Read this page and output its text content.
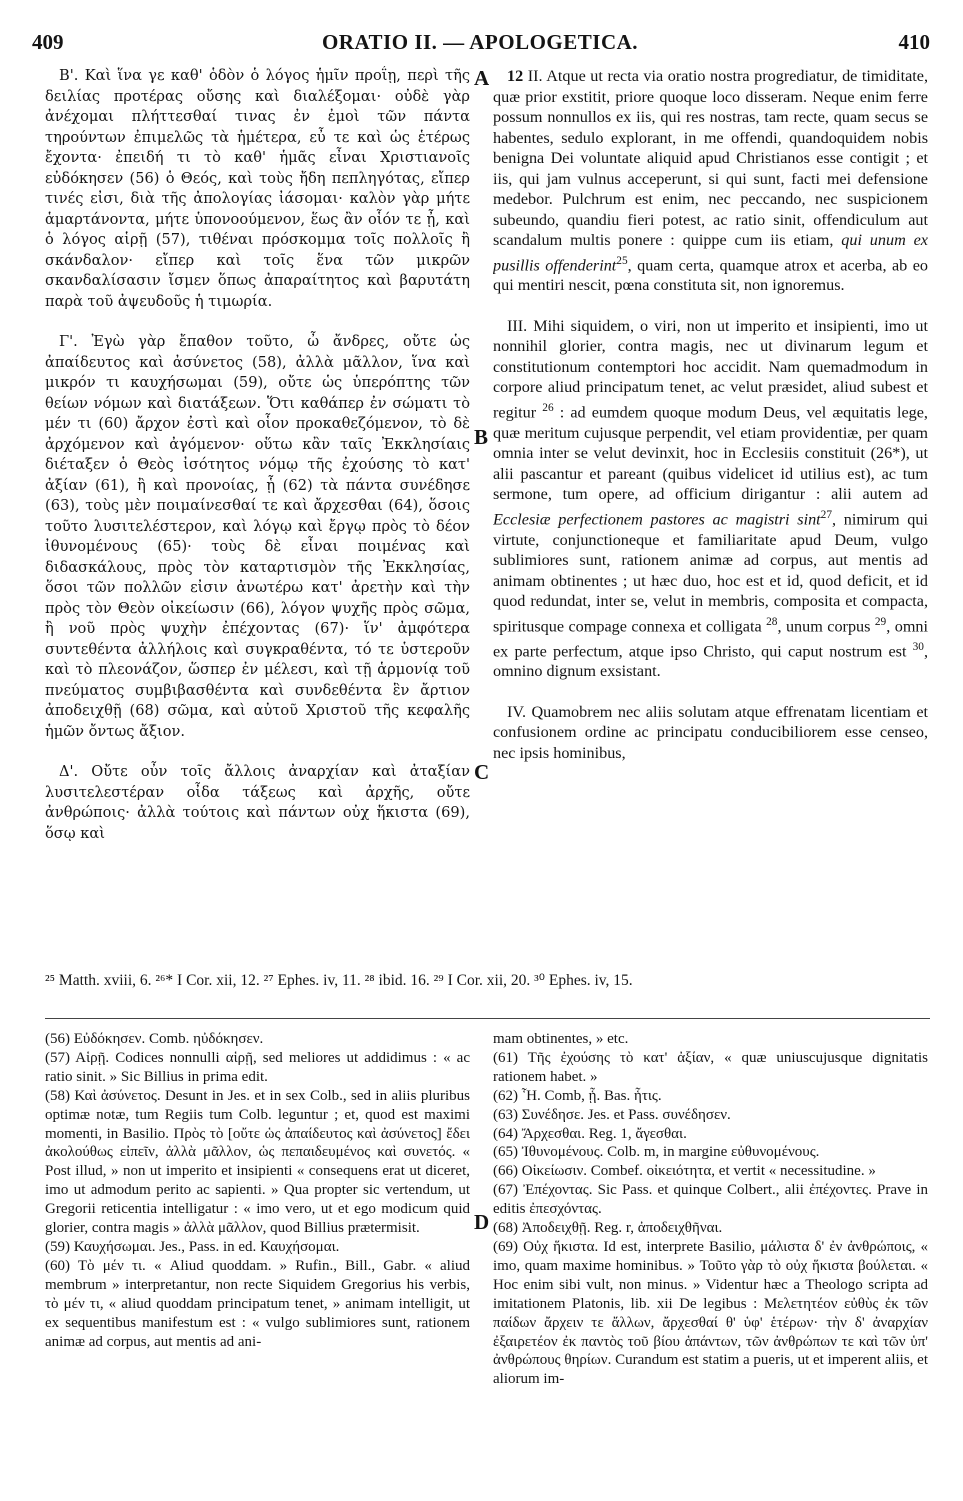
409	ORATIO II. — APOLOGETICA.	410
A
B
C
D

Β'. Καὶ ἵνα γε καθ' ὁδὸν ὁ λόγος ἡμῖν προΐῃ, περὶ τῆς δειλίας προτέρας οὔσης καὶ διαλέξομαι· οὐδὲ γὰρ ἀνέχομαι πλήττεσθαί τινας ἐν ἐμοὶ τῶν πάντα τηρούντων ἐπιμελῶς τὰ ἡμέτερα, εὖ τε καὶ ὡς ἑτέρως ἔχοντα· ἐπειδή τι τὸ καθ' ἡμᾶς εἶναι Χριστιανοῖς εὐδόκησεν (56) ὁ Θεός, καὶ τοὺς ἤδη πεπληγότας, εἴπερ τινές εἰσι, διὰ τῆς ἀπολογίας ἰάσομαι· καλὸν γὰρ μήτε ἁμαρτάνοντα, μήτε ὑπονοούμενον, ἕως ἂν οἷόν τε ᾖ, καὶ ὁ λόγος αἱρῇ (57), τιθέναι πρόσκομμα τοῖς πολλοῖς ἢ σκάνδαλον· εἴπερ καὶ τοῖς ἕνα τῶν μικρῶν σκανδαλίσασιν ἴσμεν ὅπως ἀπαραίτητος καὶ βαρυτάτη παρὰ τοῦ ἀψευδοῦς ἡ τιμωρία.

Γ'. Ἐγὼ γὰρ ἔπαθον τοῦτο, ὦ ἄνδρες, οὔτε ὡς ἀπαίδευτος καὶ ἀσύνετος (58), ἀλλὰ μᾶλλον, ἵνα καὶ μικρόν τι καυχήσωμαι (59), οὔτε ὡς ὑπερόπτης τῶν θείων νόμων καὶ διατάξεων. Ὅτι καθάπερ ἐν σώματι τὸ μέν τι (60) ἄρχον ἐστὶ καὶ οἷον προκαθεζόμενον, τὸ δὲ ἀρχόμενον καὶ ἀγόμενον· οὕτω κἂν ταῖς Ἐκκλησίαις διέταξεν ὁ Θεὸς ἰσότητος νόμῳ τῆς ἐχούσης τὸ κατ' ἀξίαν (61), ἢ καὶ προνοίας, ᾗ (62) τὰ πάντα συνέδησε (63), τοὺς μὲν ποιμαίνεσθαί τε καὶ ἄρχεσθαι (64), ὅσοις τοῦτο λυσιτελέστερον, καὶ λόγῳ καὶ ἔργῳ πρὸς τὸ δέον ἰθυνομένους (65)· τοὺς δὲ εἶναι ποιμένας καὶ διδασκάλους, πρὸς τὸν καταρτισμὸν τῆς Ἐκκλησίας, ὅσοι τῶν πολλῶν εἰσιν ἀνωτέρω κατ' ἀρετὴν καὶ τὴν πρὸς τὸν Θεὸν οἰκείωσιν (66), λόγον ψυχῆς πρὸς σῶμα, ἢ νοῦ πρὸς ψυχὴν ἐπέχοντας (67)· ἵν' ἀμφότερα συντεθέντα ἀλλήλοις καὶ συγκραθέντα, τό τε ὑστεροῦν καὶ τὸ πλεονάζον, ὥσπερ ἐν μέλεσι, καὶ τῇ ἁρμονίᾳ τοῦ πνεύματος συμβιβασθέντα καὶ συνδεθέντα ἓν ἄρτιον ἀποδειχθῇ (68) σῶμα, καὶ αὐτοῦ Χριστοῦ τῆς κεφαλῆς ἡμῶν ὄντως ἄξιον.

Δ'. Οὔτε οὖν τοῖς ἄλλοις ἀναρχίαν καὶ ἀταξίαν λυσιτελεστέραν οἶδα τάξεως καὶ ἀρχῆς, οὔτε ἀνθρώποις· ἀλλὰ τούτοις καὶ πάντων οὐχ ἥκιστα (69), ὅσῳ καὶ

12 II. Atque ut recta via oratio nostra progrediatur, de timiditate, quæ prior exstitit, priore quoque loco disseram. Neque enim ferre possum nonnullos ex iis, qui res nostras, tam recte, quam secus se habentes, sedulo explorant, in me offendi, quandoquidem nobis benigna Dei voluntate aliquid apud Christianos esse contigit ; et iis, qui jam vulnus acceperunt, si qui sunt, facti mei defensione medebor. Pulchrum est enim, nec peccando, nec suspicionem subeundo, quandiu fieri potest, ac ratio sinit, offendiculum aut scandalum multis ponere : quippe cum iis etiam, qui unum ex pusillis offenderint$^{25}$, quam certa, quamque atrox et acerba, ab eo qui mentiri nescit, pœna constituta sit, non ignoremus.

III. Mihi siquidem, o viri, non ut imperito et insipienti, imo ut nonnihil glorier, contra magis, nec ut divinarum legum et constitutionum contemptori hoc accidit. Nam quemadmodum in corpore aliud principatum tenet, ac velut præsidet, aliud subest et regitur $^{26}$ : ad eumdem quoque modum Deus, vel æquitatis lege, quæ meritum cujusque perpendit, vel etiam providentiæ, per quam omnia inter se velut devinxit, hoc in Ecclesiis constituit (26*), ut alii pascantur et pareant (quibus videlicet id utilius est), ac tum sermone, tum opere, ad officium dirigantur : alii autem ad Ecclesiæ perfectionem pastores ac magistri sint$^{27}$, nimirum qui virtute, conjunctioneque et familiaritate apud Deum, vulgo sublimiores sunt, rationem animæ ad corpus, aut mentis ad animam obtinentes ; ut hæc duo, hoc est et id, quod deficit, et id quod redundat, inter se, velut in membris, composita et compacta, spiritusque compage connexa et colligata $^{28}$, unum corpus $^{29}$, omni ex parte perfectum, atque ipso Christo, qui caput nostrum est $^{30}$, omnino dignum exsistant.

IV. Quamobrem nec aliis solutam atque effrenatam licentiam et confusionem ordine ac principatu conducibiliorem esse censeo, nec ipsis hominibus,

²⁵ Matth. xviii, 6. ²⁶* I Cor. xii, 12. ²⁷ Ephes. iv, 11. ²⁸ ibid. 16. ²⁹ I Cor. xii, 20. ³⁰ Ephes. iv, 15.

(56) Εὐδόκησεν. Comb. ηὐδόκησεν.

(57) Αἱρῇ. Codices nonnulli αἱρῇ, sed meliores ut addidimus : « ac ratio sinit. » Sic Billius in prima edit.

(58) Καὶ ἀσύνετος. Desunt in Jes. et in sex Colb., sed in aliis pluribus optimæ notæ, tum Regiis tum Colb. leguntur ; et, quod est maximi momenti, in Basilio. Πρὸς τὸ [οὔτε ὡς ἀπαίδευτος καὶ ἀσύνετος] ἔδει ἀκολούθως εἰπεῖν, ἀλλὰ μᾶλλον, ὡς πεπαιδευμένος καὶ συνετός. « Post illud, » non ut imperito et insipienti « consequens erat ut diceret, imo ut admodum perito ac sapienti. » Qua propter sic vertendum, ut Gregorii reticentia intelligatur : « imo vero, ut et ego modicum quid glorier, contra magis » ἀλλὰ μᾶλλον, quod Billius prætermisit.

(59) Καυχήσωμαι. Jes., Pass. in ed. Καυχήσομαι.

(60) Τὸ μέν τι. « Aliud quoddam. » Rufin., Bill., Gabr. « aliud membrum » interpretantur, non recte Siquidem Gregorius his verbis, τὸ μέν τι, « aliud quoddam principatum tenet, » animam intelligit, ut ex sequentibus manifestum est : « vulgo sublimiores sunt, rationem animæ ad corpus, aut mentis ad ani-

mam obtinentes, » etc.

(61) Τῆς ἐχούσης τὸ κατ' ἀξίαν, « quæ uniuscujusque dignitatis rationem habet. »

(62) Ἧ. Comb, ᾗ. Bas. ἧτις.

(63) Συνέδησε. Jes. et Pass. συνέδησεν.

(64) Ἄρχεσθαι. Reg. 1, ἄγεσθαι.

(65) Ἰθυνομένους. Colb. m, in margine εὐθυνομένους.

(66) Οἰκείωσιν. Combef. οἰκειότητα, et vertit « necessitudine. »

(67) Ἐπέχοντας. Sic Pass. et quinque Colbert., alii ἐπέχοντες. Prave in editis ἐπεσχόντας.

(68) Ἀποδειχθῇ. Reg. r, ἀποδειχθῆναι.

(69) Οὐχ ἥκιστα. Id est, interprete Basilio, μάλιστα δ' ἐν ἀνθρώποις, « imo, quam maxime hominibus. » Τοῦτο γὰρ τὸ οὐχ ἥκιστα βούλεται. « Hoc enim sibi vult, non minus. » Videntur hæc a Theologo scripta ad imitationem Platonis, lib. xii De legibus : Μελετητέον εὐθὺς ἐκ τῶν παίδων ἄρχειν τε ἄλλων, ἄρχεσθαί θ' ὑφ' ἑτέρων· τὴν δ' ἀναρχίαν ἐξαιρετέον ἐκ παντὸς τοῦ βίου ἁπάντων, τῶν ἀνθρώπων τε καὶ τῶν ὑπ' ἀνθρώπους θηρίων. Curandum est statim a pueris, ut et imperent aliis, et aliorum im-
